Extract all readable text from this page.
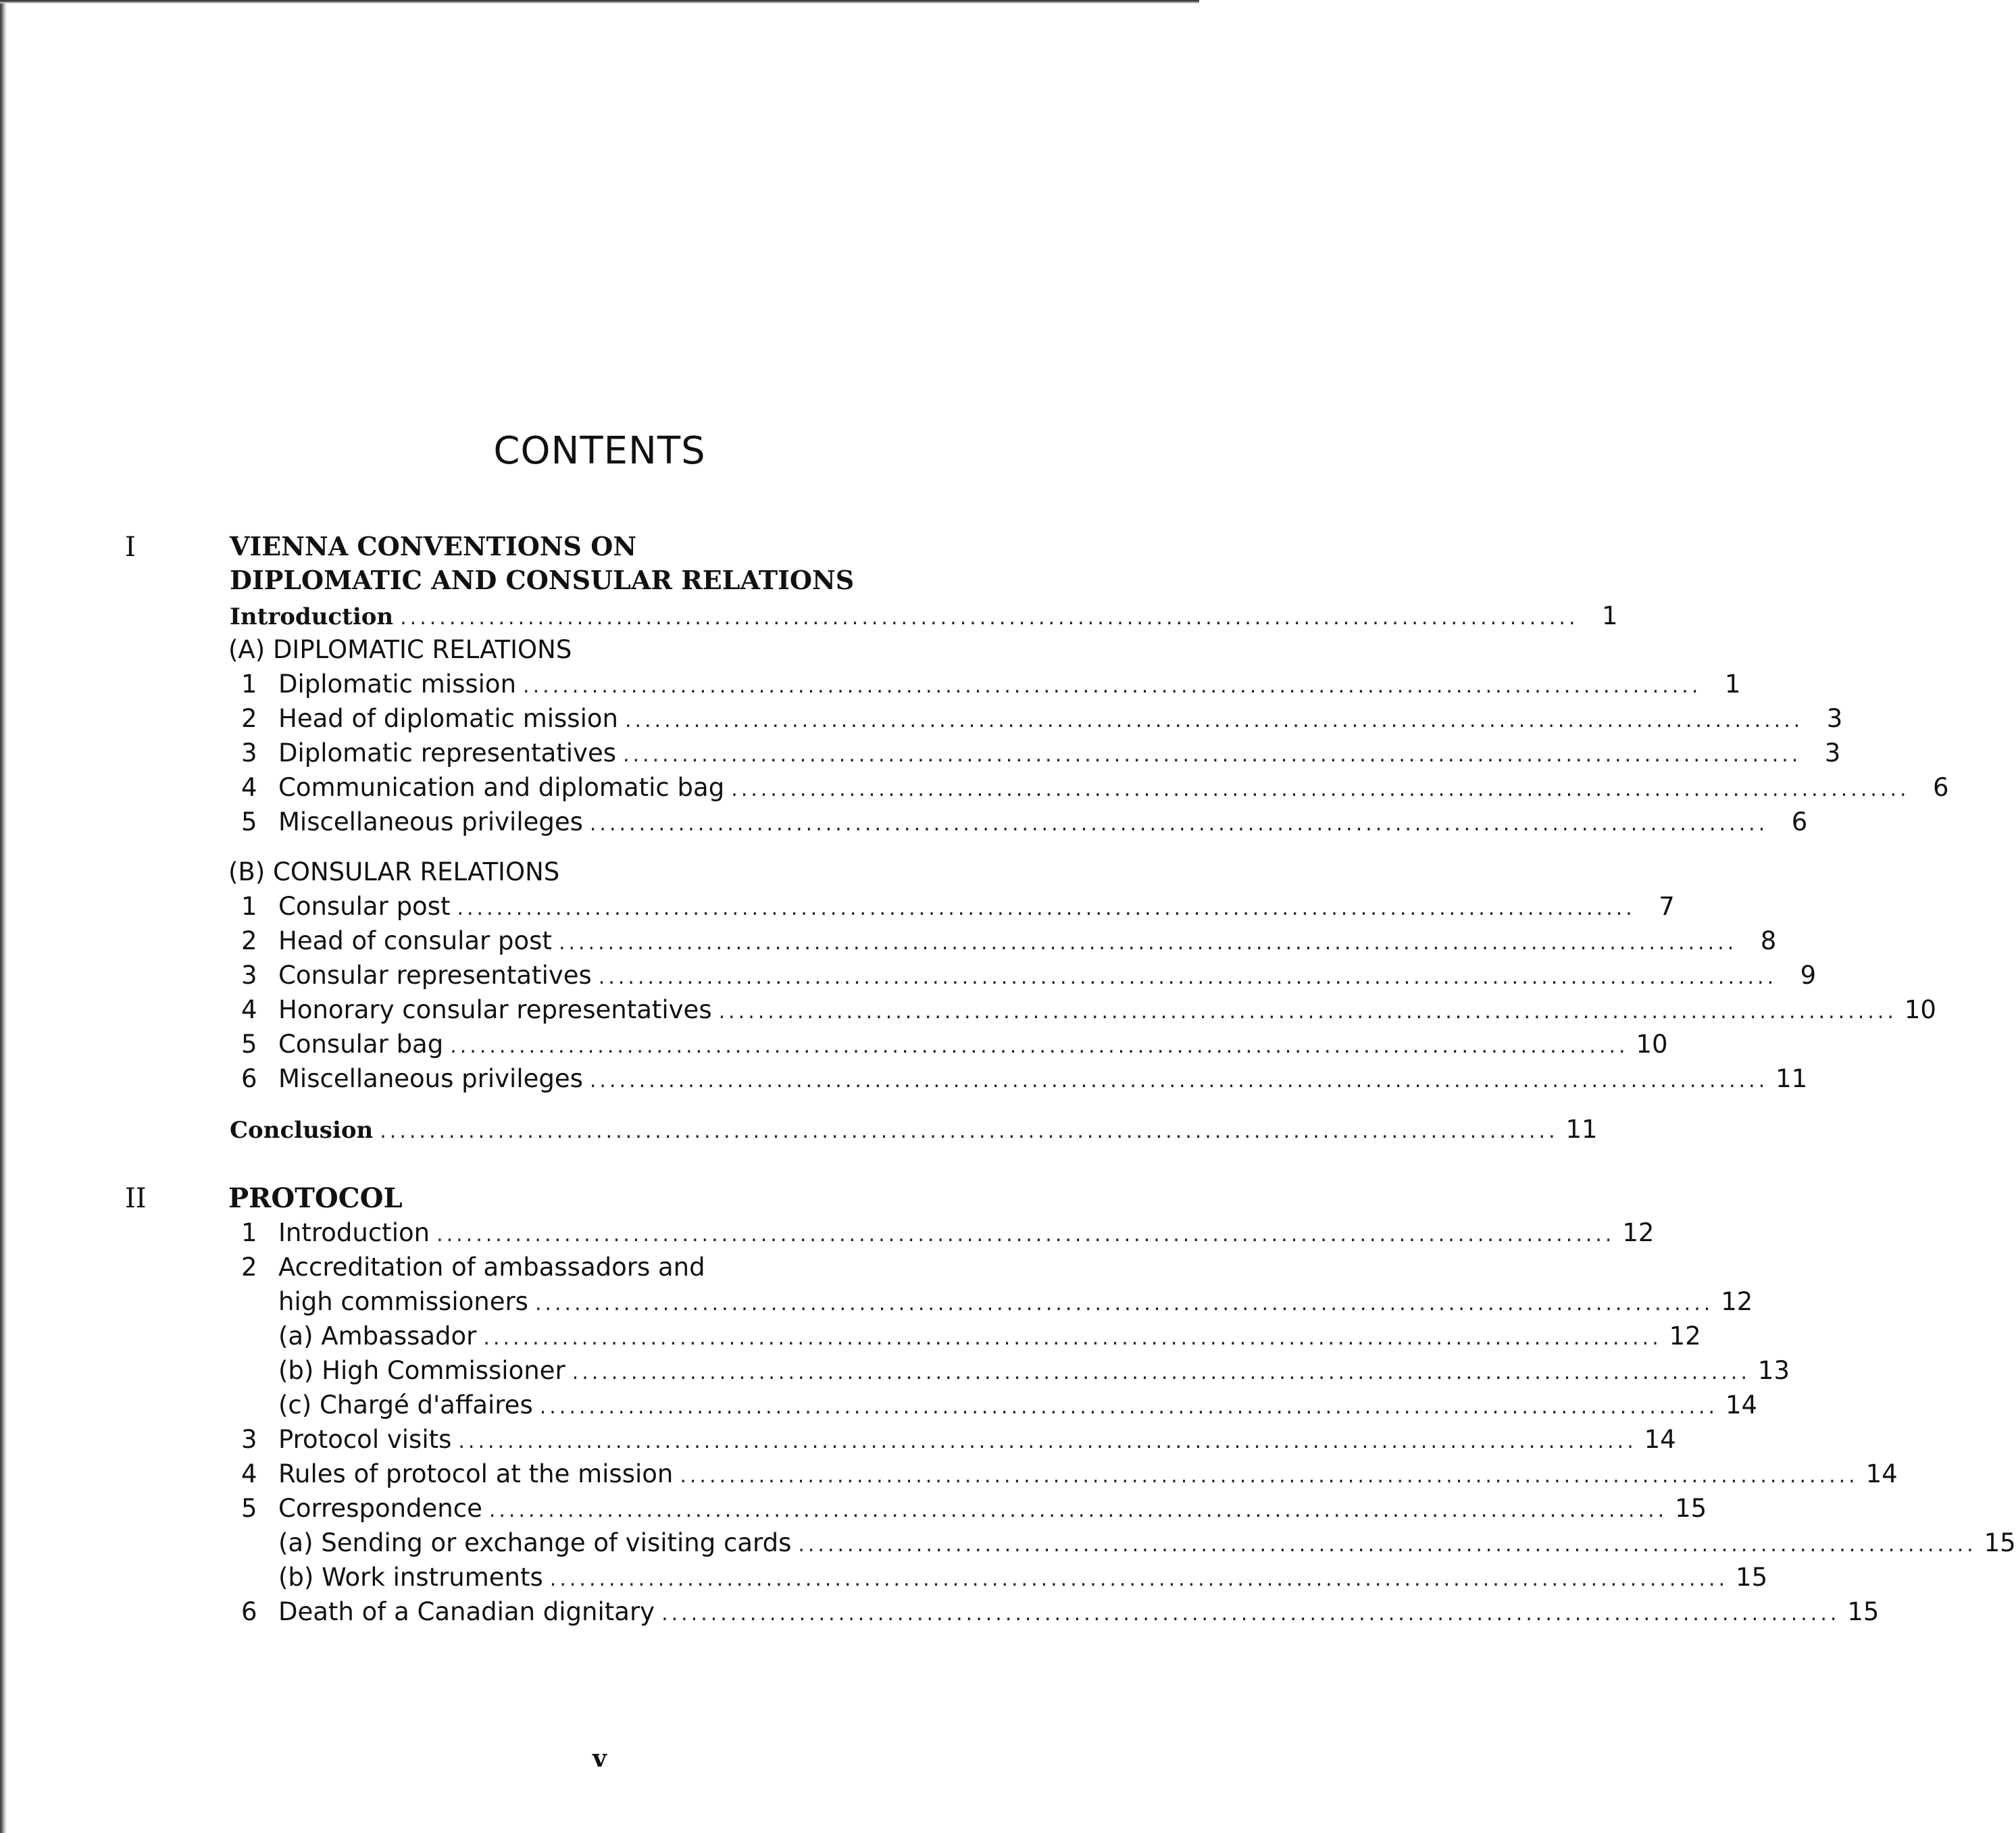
CONTENTS
I	VIENNA CONVENTIONS ON
DIPLOMATIC AND CONSULAR RELATIONS
Introduction ........................................................................................................................ 1
(A) DIPLOMATIC RELATIONS
1 Diplomatic mission ........................................................................................................................ 1
2 Head of diplomatic mission ........................................................................................................................ 3
3 Diplomatic representatives ........................................................................................................................ 3
4 Communication and diplomatic bag ........................................................................................................................ 6
5 Miscellaneous privileges ........................................................................................................................ 6
(B) CONSULAR RELATIONS
1 Consular post ........................................................................................................................ 7
2 Head of consular post ........................................................................................................................ 8
3 Consular representatives ........................................................................................................................ 9
4 Honorary consular representatives ........................................................................................................................ 10
5 Consular bag ........................................................................................................................ 10
6 Miscellaneous privileges ........................................................................................................................ 11
Conclusion ........................................................................................................................ 11
II	PROTOCOL
1 Introduction ........................................................................................................................ 12
2 Accreditation of ambassadors and
high commissioners ........................................................................................................................ 12
(a) Ambassador ........................................................................................................................ 12
(b) High Commissioner ........................................................................................................................ 13
(c) Chargé d'affaires ........................................................................................................................ 14
3 Protocol visits ........................................................................................................................ 14
4 Rules of protocol at the mission ........................................................................................................................ 14
5 Correspondence ........................................................................................................................ 15
(a) Sending or exchange of visiting cards ........................................................................................................................ 15
(b) Work instruments ........................................................................................................................ 15
6 Death of a Canadian dignitary ........................................................................................................................ 15
v
